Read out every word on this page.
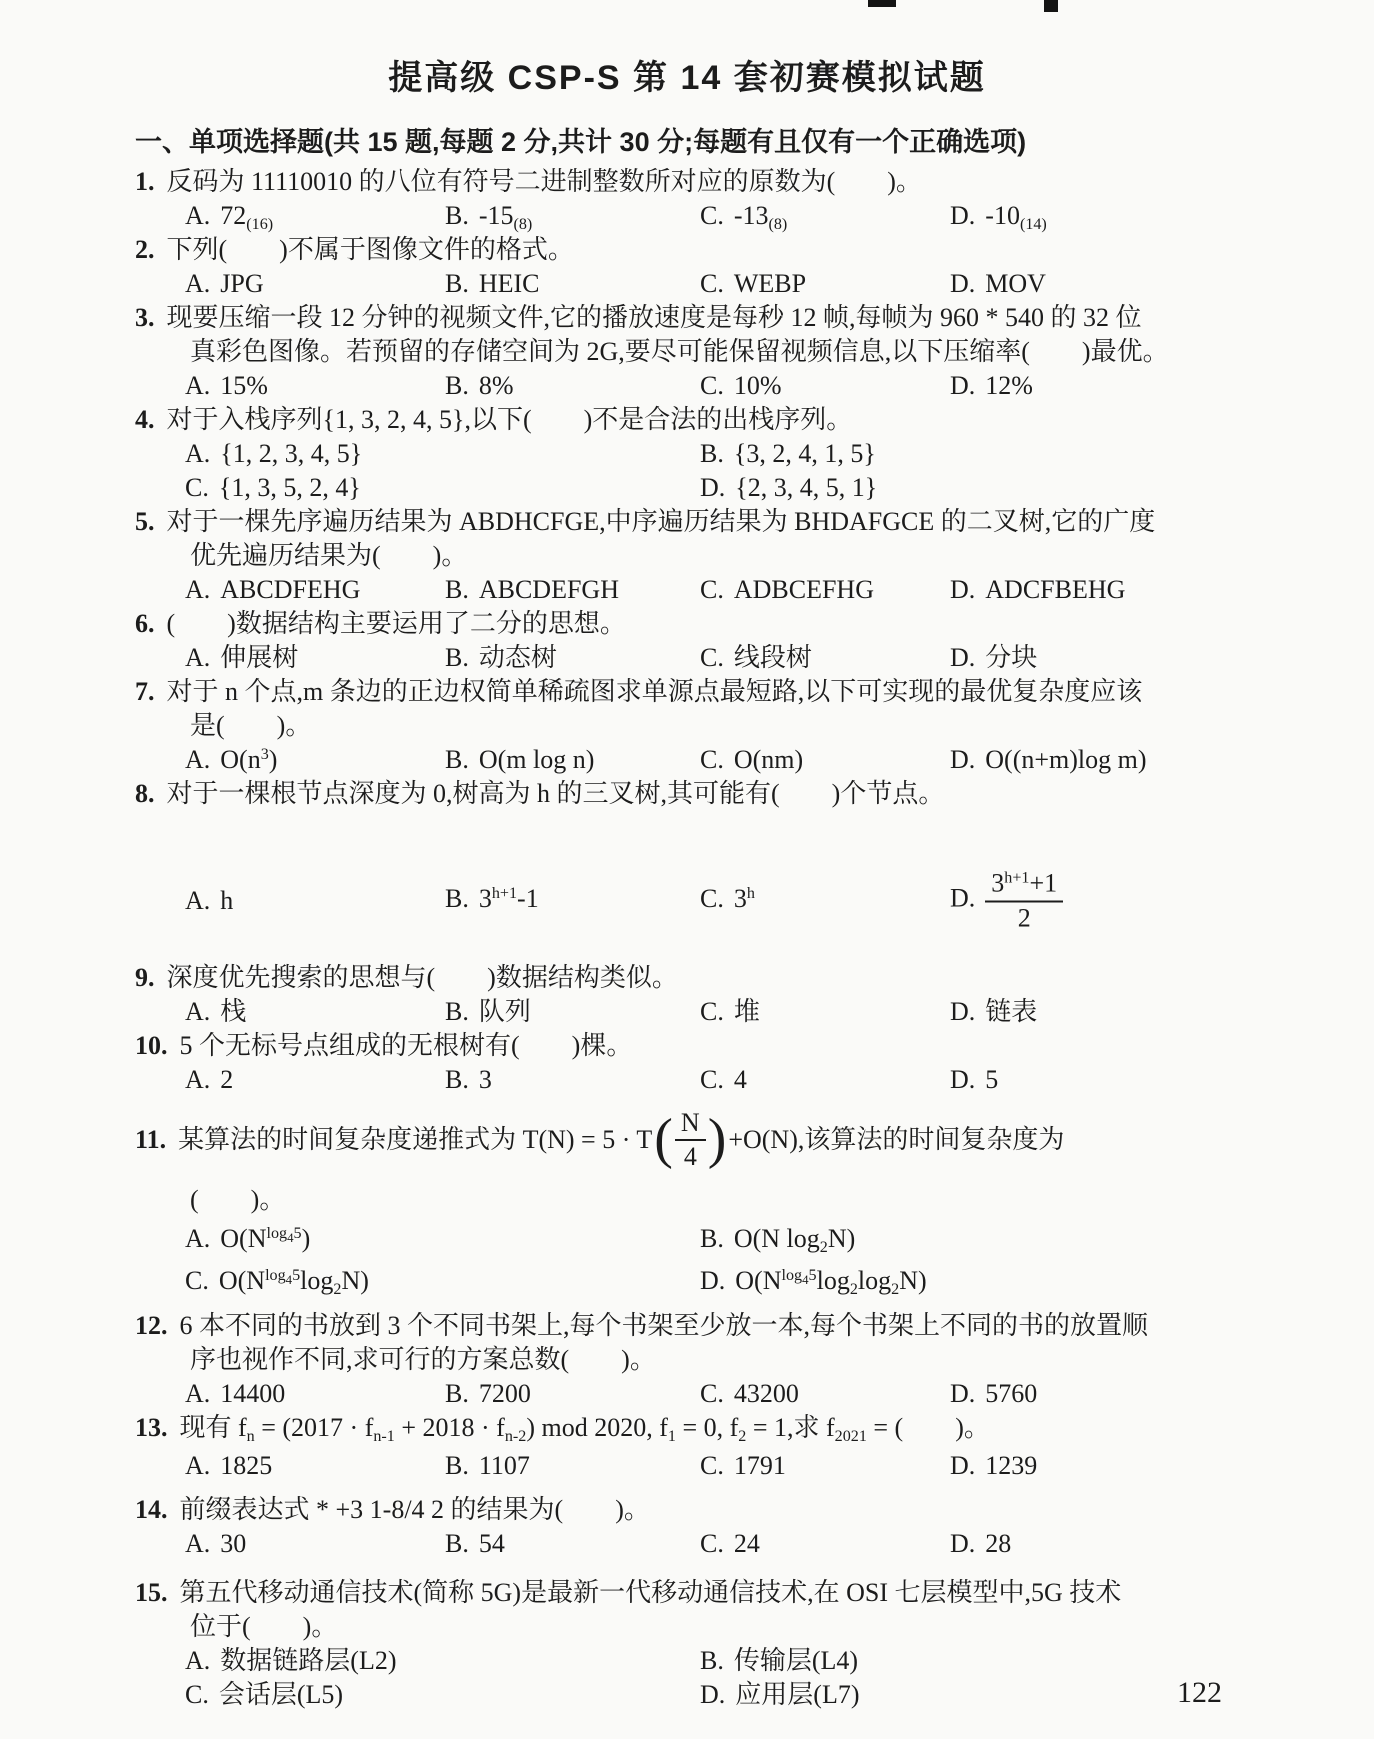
提高级 CSP-S 第 14 套初赛模拟试题
一、单项选择题(共 15 题,每题 2 分,共计 30 分;每题有且仅有一个正确选项)
1. 反码为 11110010 的八位有符号二进制整数所对应的原数为(　　)。
A. $72_{(16)}$	B. $-15_{(8)}$	C. $-13_{(8)}$	D. $-10_{(14)}$
2. 下列(　　)不属于图像文件的格式。
A. JPG	B. HEIC	C. WEBP	D. MOV
3. 现要压缩一段 12 分钟的视频文件,它的播放速度是每秒 12 帧,每帧为 960 * 540 的 32 位
真彩色图像。若预留的存储空间为 2G,要尽可能保留视频信息,以下压缩率(　　)最优。
A. 15%	B. 8%	C. 10%	D. 12%
4. 对于入栈序列{1, 3, 2, 4, 5},以下(　　)不是合法的出栈序列。
A. {1, 2, 3, 4, 5}	B. {3, 2, 4, 1, 5}
C. {1, 3, 5, 2, 4}	D. {2, 3, 4, 5, 1}
5. 对于一棵先序遍历结果为 ABDHCFGE,中序遍历结果为 BHDAFGCE 的二叉树,它的广度
优先遍历结果为(　　)。
A. ABCDFEHG	B. ABCDEFGH	C. ADBCEFHG	D. ADCFBEHG
6. (　　)数据结构主要运用了二分的思想。
A. 伸展树	B. 动态树	C. 线段树	D. 分块
7. 对于 n 个点,m 条边的正边权简单稀疏图求单源点最短路,以下可实现的最优复杂度应该
是(　　)。
A. $O(n^3)$	B. O(m log n)	C. O(nm)	D. O((n+m)log m)
8. 对于一棵根节点深度为 0,树高为 h 的三叉树,其可能有(　　)个节点。
A. h	B. $3^{h+1}-1$	C. 3$^h$	D. $\frac{3^{h+1}+1}{2}$
9. 深度优先搜索的思想与(　　)数据结构类似。
A. 栈	B. 队列	C. 堆	D. 链表
10. 5 个无标号点组成的无根树有(　　)棵。
A. 2	B. 3	C. 4	D. 5
11. 某算法的时间复杂度递推式为 T(N) = 5 · T ( $\frac{N}{4}$ ) +O(N),该算法的时间复杂度为
(　　)。
A. $O(N^{log_45})$	B. O(N $\log_2N$)
C. $O(N^{log_45}\log_2N)$	D. $O(N^{log_45}\log_2\log_2N)$
12. 6 本不同的书放到 3 个不同书架上,每个书架至少放一本,每个书架上不同的书的放置顺
序也视作不同,求可行的方案总数(　　)。
A. 14400	B. 7200	C. 43200	D. 5760
13. 现有 $f_n = (2017 \cdot f_{n-1} + 2018 \cdot f_{n-2})$ mod 2020, $f_1 = 0$, $f_2 = 1$,求 $f_{2021}$ = (　　)。
A. 1825	B. 1107	C. 1791	D. 1239
14. 前缀表达式 * +3 1-8/4 2 的结果为(　　)。
A. 30	B. 54	C. 24	D. 28
15. 第五代移动通信技术(简称 5G)是最新一代移动通信技术,在 OSI 七层模型中,5G 技术
位于(　　)。
A. 数据链路层(L2)	B. 传输层(L4)
C. 会话层(L5)	D. 应用层(L7)	122
